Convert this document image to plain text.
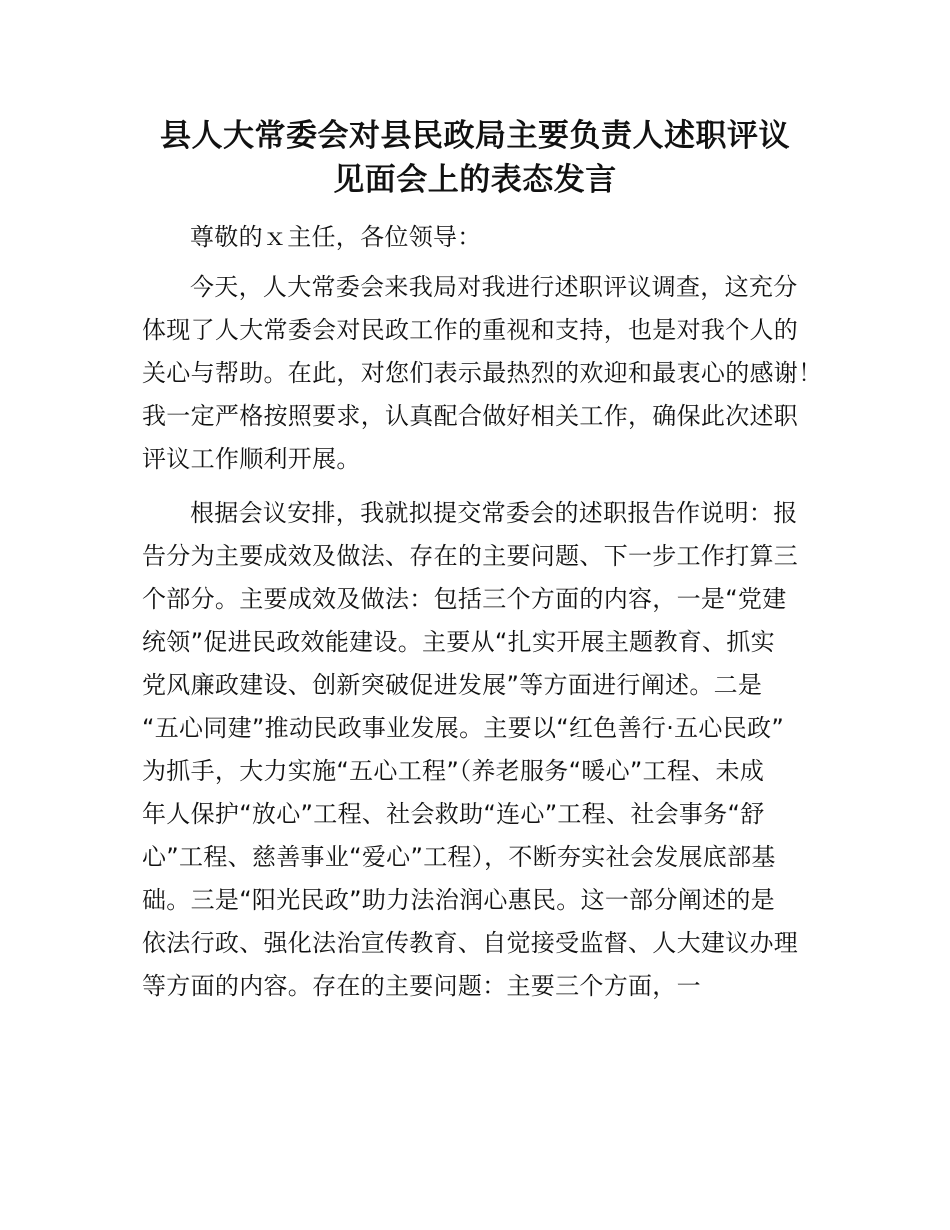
县人大常委会对县民政局主要负责人述职评议
见面会上的表态发言
尊敬的ｘ主任，各位领导：
今天，人大常委会来我局对我进行述职评议调查，这充分
体现了人大常委会对民政工作的重视和支持，也是对我个人的
关心与帮助。在此，对您们表示最热烈的欢迎和最衷心的感谢！
我一定严格按照要求，认真配合做好相关工作，确保此次述职
评议工作顺利开展。
根据会议安排，我就拟提交常委会的述职报告作说明：报
告分为主要成效及做法、存在的主要问题、下一步工作打算三
个部分。主要成效及做法：包括三个方面的内容，一是“党建
统领”促进民政效能建设。主要从“扎实开展主题教育、抓实
党风廉政建设、创新突破促进发展”等方面进行阐述。二是
“五心同建”推动民政事业发展。主要以“红色善行·五心民政”
为抓手，大力实施“五心工程”（养老服务“暖心”工程、未成
年人保护“放心”工程、社会救助“连心”工程、社会事务“舒
心”工程、慈善事业“爱心”工程），不断夯实社会发展底部基
础。三是“阳光民政”助力法治润心惠民。这一部分阐述的是
依法行政、强化法治宣传教育、自觉接受监督、人大建议办理
等方面的内容。存在的主要问题：主要三个方面，一
